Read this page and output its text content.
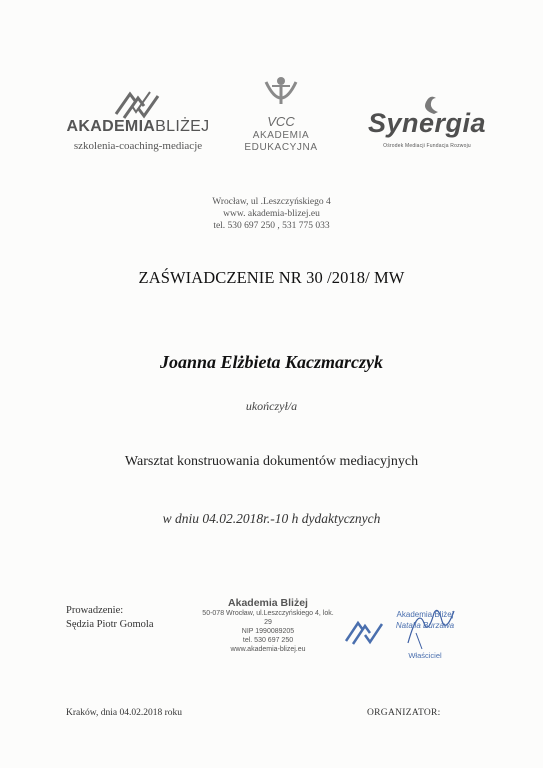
AKADEMIABLIŻEJ
szkolenia-coaching-mediacje
VCC
AKADEMIA
EDUKACYJNA
Synergia
Ośrodek Mediacji Fundacja Rozwoju
Wrocław, ul .Leszczyńskiego 4
www. akademia-blizej.eu
tel. 530 697 250 , 531 775 033
ZAŚWIADCZENIE NR 30 /2018/ MW
Joanna Elżbieta Kaczmarczyk
ukończył/a
Warsztat konstruowania dokumentów mediacyjnych
w dniu 04.02.2018r.-10 h dydaktycznych
Prowadzenie:
Sędzia Piotr Gomola
Akademia Bliżej
50-078 Wrocław, ul.Leszczyńskiego 4, lok. 29
NIP 1990089205
tel. 530 697 250
www.akademia-blizej.eu
Akademia Bliżej
Natalia Burzawa
Właściciel
Kraków, dnia 04.02.2018 roku	ORGANIZATOR:
